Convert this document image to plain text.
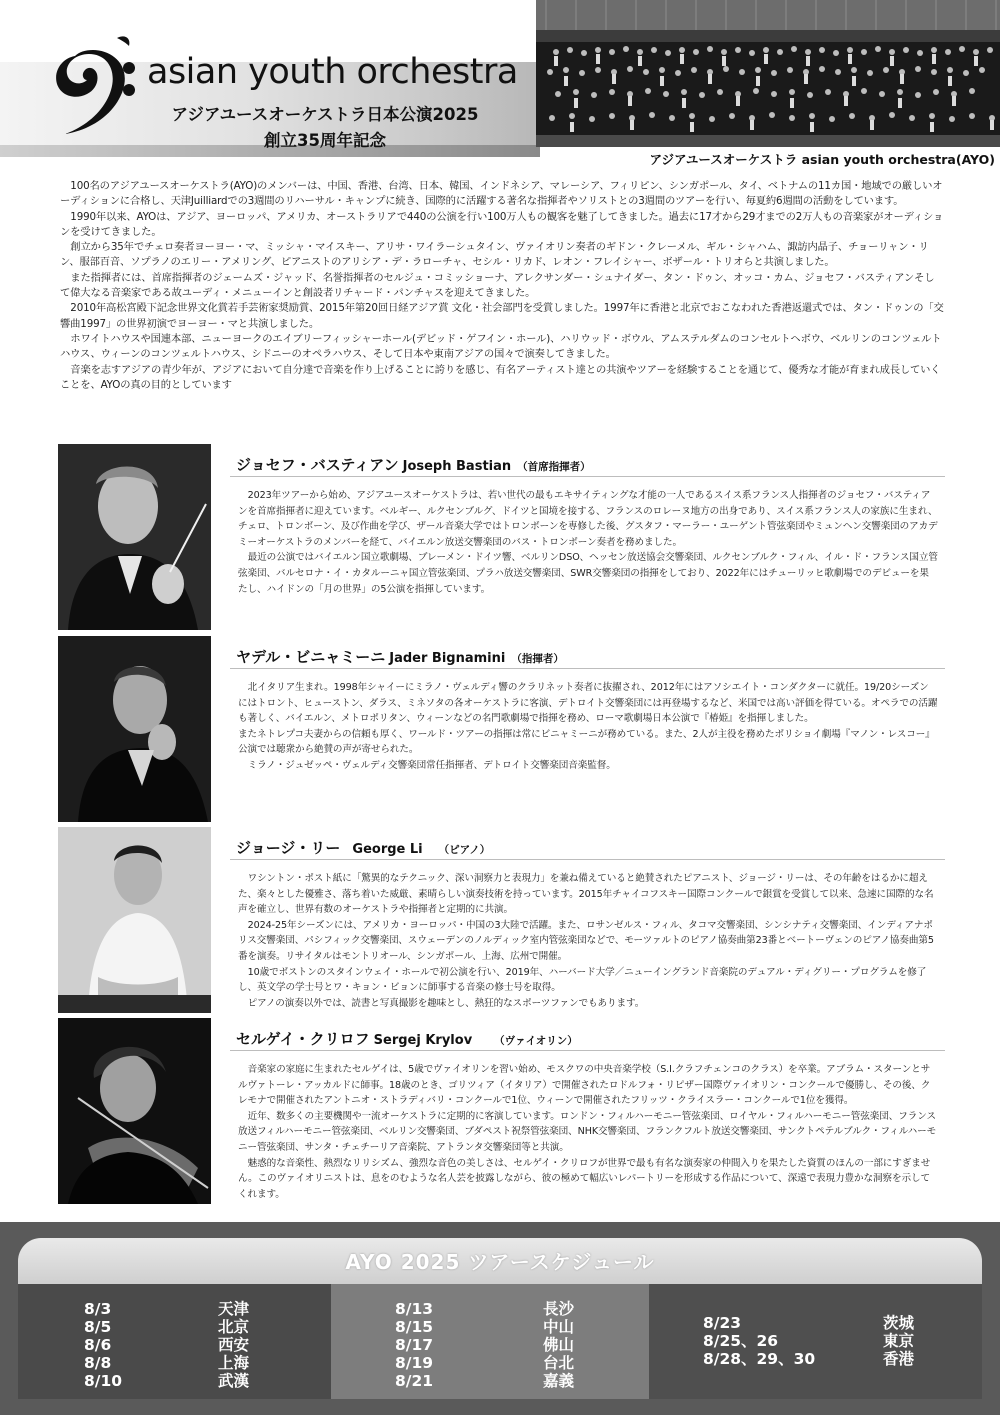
asian youth orchestra
アジアユースオーケストラ日本公演2025
創立35周年記念
アジアユースオーケストラ asian youth orchestra(AYO)

100名のアジアユースオーケストラ(AYO)のメンバーは、中国、香港、台湾、日本、韓国、インドネシア、マレーシア、フィリピン、シンガポール、タイ、ベトナムの11カ国・地域での厳しいオーディションに合格し、天津Juilliardでの3週間のリハーサル・キャンプに続き、国際的に活躍する著名な指揮者やソリストとの3週間のツアーを行い、毎夏約6週間の活動をしています。

1990年以来、AYOは、アジア、ヨーロッパ、アメリカ、オーストラリアで440の公演を行い100万人もの観客を魅了してきました。過去に17才から29才までの2万人もの音楽家がオーディションを受けてきました。

創立から35年でチェロ奏者ヨーヨー・マ、ミッシャ・マイスキー、アリサ・ワイラーシュタイン、ヴァイオリン奏者のギドン・クレーメル、ギル・シャハム、諏訪内晶子、チョーリャン・リン、服部百音、ソプラノのエリー・アメリング、ピアニストのアリシア・デ・ラローチャ、セシル・リカド、レオン・フレイシャー、ボザール・トリオらと共演しました。

また指揮者には、首席指揮者のジェームズ・ジャッド、名誉指揮者のセルジュ・コミッショーナ、アレクサンダー・シュナイダー、タン・ドゥン、オッコ・カム、ジョセフ・バスティアンそして偉大なる音楽家である故ユーディ・メニューインと創設者リチャード・パンチャスを迎えてきました。

2010年高松宮殿下記念世界文化賞若手芸術家奨励賞、2015年第20回日経アジア賞 文化・社会部門を受賞しました。1997年に香港と北京でおこなわれた香港返還式では、タン・ドゥンの「交響曲1997」の世界初演でヨーヨー・マと共演しました。

ホワイトハウスや国連本部、ニューヨークのエイブリーフィッシャーホール(デビッド・ゲフイン・ホール)、ハリウッド・ボウル、アムステルダムのコンセルトヘボウ、ベルリンのコンツェルトハウス、ウィーンのコンツェルトハウス、シドニーのオペラハウス、そして日本や東南アジアの国々で演奏してきました。

音楽を志すアジアの青少年が、アジアにおいて自分達で音楽を作り上げることに誇りを感じ、有名アーティスト達との共演やツアーを経験することを通じて、優秀な才能が育まれ成長していくことを、AYOの真の目的としています

ジョセフ・バスティアン Joseph Bastian （首席指揮者）

2023年ツアーから始め、アジアユースオーケストラは、若い世代の最もエキサイティングな才能の一人であるスイス系フランス人指揮者のジョセフ・バスティアンを首席指揮者に迎えています。ベルギー、ルクセンブルグ、ドイツと国境を接する、フランスのロレーヌ地方の出身であり、スイス系フランス人の家族に生まれ、チェロ、トロンボーン、及び作曲を学び、ザール音楽大学ではトロンボーンを専修した後、グスタフ・マーラー・ユーゲント管弦楽団やミュンヘン交響楽団のアカデミーオーケストラのメンバーを経て、バイエルン放送交響楽団のバス・トロンボーン奏者を務めました。

最近の公演ではバイエルン国立歌劇場、ブレーメン・ドイツ響、ベルリンDSO、ヘッセン放送協会交響楽団、ルクセンブルク・フィル、イル・ド・フランス国立管弦楽団、バルセロナ・イ・カタルーニャ国立管弦楽団、プラハ放送交響楽団、SWR交響楽団の指揮をしており、2022年にはチューリッヒ歌劇場でのデビューを果たし、ハイドンの「月の世界」の5公演を指揮しています。

ヤデル・ビニャミーニ Jader Bignamini （指揮者）

北イタリア生まれ。1998年シャイーにミラノ・ヴェルディ響のクラリネット奏者に抜擢され、2012年にはアソシエイト・コンダクターに就任。19/20シーズンにはトロント、ヒューストン、ダラス、ミネソタの各オーケストラに客演、デトロイト交響楽団には再登場するなど、米国では高い評価を得ている。オペラでの活躍も著しく、バイエルン、メトロポリタン、ウィーンなどの名門歌劇場で指揮を務め、ローマ歌劇場日本公演で『椿姫』を指揮しました。

またネトレプコ夫妻からの信頼も厚く、ワールド・ツアーの指揮は常にビニャミーニが務めている。また、2人が主役を務めたボリショイ劇場『マノン・レスコー』公演では聴衆から絶賛の声が寄せられた。

ミラノ・ジュゼッペ・ヴェルディ交響楽団常任指揮者、デトロイト交響楽団音楽監督。

ジョージ・リー George Li （ピアノ）

ワシントン・ポスト紙に「驚異的なテクニック、深い洞察力と表現力」を兼ね備えていると絶賛されたピアニスト、ジョージ・リーは、その年齢をはるかに超えた、楽々とした優雅さ、落ち着いた威厳、素晴らしい演奏技術を持っています。2015年チャイコフスキー国際コンクールで銀賞を受賞して以来、急速に国際的な名声を確立し、世界有数のオーケストラや指揮者と定期的に共演。

2024-25年シーズンには、アメリカ・ヨーロッパ・中国の3大陸で活躍。また、ロサンゼルス・フィル、タコマ交響楽団、シンシナティ交響楽団、インディアナポリス交響楽団、パシフィック交響楽団、スウェーデンのノルディック室内管弦楽団などで、モーツァルトのピアノ協奏曲第23番とベートーヴェンのピアノ協奏曲第5番を演奏。リサイタルはモントリオール、シンガポール、上海、広州で開催。

10歳でボストンのスタインウェイ・ホールで初公演を行い、2019年、ハーバード大学／ニューイングランド音楽院のデュアル・ディグリー・プログラムを修了し、英文学の学士号とワ・キョン・ビョンに師事する音楽の修士号を取得。

ピアノの演奏以外では、読書と写真撮影を趣味とし、熱狂的なスポーツファンでもあります。

セルゲイ・クリロフ Sergej Krylov （ヴァイオリン）

音楽家の家庭に生まれたセルゲイは、5歳でヴァイオリンを習い始め、モスクワの中央音楽学校（S.I.クラフチェンコのクラス）を卒業。アブラム・スターンとサルヴァトーレ・アッカルドに師事。18歳のとき、ゴリツィア（イタリア）で開催されたロドルフォ・リピザー国際ヴァイオリン・コンクールで優勝し、その後、クレモナで開催されたアントニオ・ストラディバリ・コンクールで1位、ウィーンで開催されたフリッツ・クライスラー・コンクールで1位を獲得。

近年、数多くの主要機関や一流オーケストラに定期的に客演しています。ロンドン・フィルハーモニー管弦楽団、ロイヤル・フィルハーモニー管弦楽団、フランス放送フィルハーモニー管弦楽団、ベルリン交響楽団、ブダペスト祝祭管弦楽団、NHK交響楽団、フランクフルト放送交響楽団、サンクトペテルブルク・フィルハーモニー管弦楽団、サンタ・チェチーリア音楽院、アトランタ交響楽団等と共演。

魅惑的な音楽性、熱烈なリリシズム、強烈な音色の美しさは、セルゲイ・クリロフが世界で最も有名な演奏家の仲間入りを果たした資質のほんの一部にすぎません。このヴァイオリニストは、息をのむような名人芸を披露しながら、彼の極めて幅広いレパートリーを形成する作品について、深遠で表現力豊かな洞察を示してくれます。

AYO 2025 ツアースケジュール
8/3	天津
8/5	北京
8/6	西安
8/8	上海
8/10	武漢
8/13	長沙
8/15	中山
8/17	佛山
8/19	台北
8/21	嘉義
8/23	茨城
8/25、26	東京
8/28、29、30	香港
